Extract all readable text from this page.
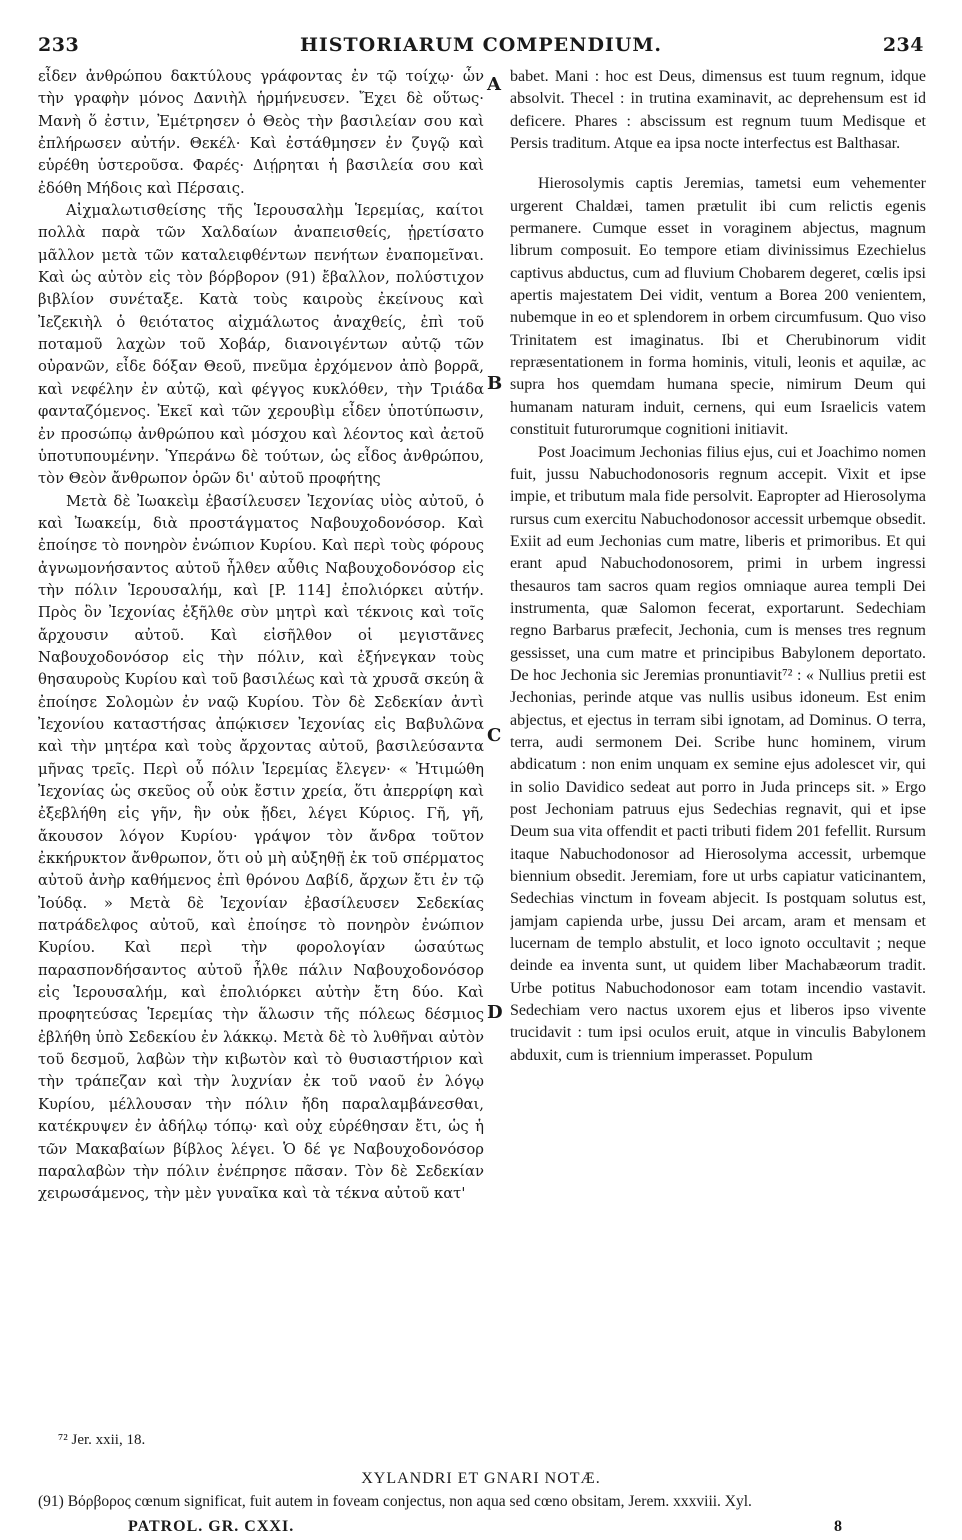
233	HISTORIARUM COMPENDIUM.	234

εἶδεν ἀνθρώπου δακτύλους γράφοντας ἐν τῷ τοίχῳ· ὧν τὴν γραφὴν μόνος Δανιὴλ ἡρμήνευσεν. Ἔχει δὲ οὕτως· Μανὴ ὅ ἐστιν, Ἐμέτρησεν ὁ Θεὸς τὴν βασιλείαν σου καὶ ἐπλήρωσεν αὐτήν. Θεκέλ· Καὶ ἐστάθμησεν ἐν ζυγῷ καὶ εὑρέθη ὑστεροῦσα. Φαρές· Διῄρηται ἡ βασιλεία σου καὶ ἐδόθη Μήδοις καὶ Πέρσαις.

Αἰχμαλωτισθείσης τῆς Ἱερουσαλὴμ Ἱερεμίας, καίτοι πολλὰ παρὰ τῶν Χαλδαίων ἀναπεισθείς, ᾑρετίσατο μᾶλλον μετὰ τῶν καταλειφθέντων πενήτων ἐναπομεῖναι. Καὶ ὡς αὐτὸν εἰς τὸν βόρβορον (91) ἔβαλλον, πολύστιχον βιβλίον συνέταξε. Κατὰ τοὺς καιροὺς ἐκείνους καὶ Ἰεζεκιὴλ ὁ θειότατος αἰχμάλωτος ἀναχθείς, ἐπὶ τοῦ ποταμοῦ λαχὼν τοῦ Χοβάρ, διανοιγέντων αὐτῷ τῶν οὐρανῶν, εἶδε δόξαν Θεοῦ, πνεῦμα ἐρχόμενον ἀπὸ βορρᾶ, καὶ νεφέλην ἐν αὐτῷ, καὶ φέγγος κυκλόθεν, τὴν Τριάδα φανταζόμενος. Ἐκεῖ καὶ τῶν χερουβὶμ εἶδεν ὑποτύπωσιν, ἐν προσώπῳ ἀνθρώπου καὶ μόσχου καὶ λέοντος καὶ ἀετοῦ ὑποτυπουμένην. Ὑπεράνω δὲ τούτων, ὡς εἶδος ἀνθρώπου, τὸν Θεὸν ἄνθρωπον ὁρῶν δι' αὐτοῦ προφήτης

Μετὰ δὲ Ἰωακεὶμ ἐβασίλευσεν Ἰεχονίας υἱὸς αὐτοῦ, ὁ καὶ Ἰωακείμ, διὰ προστάγματος Ναβουχοδονόσορ. Καὶ ἐποίησε τὸ πονηρὸν ἐνώπιον Κυρίου. Καὶ περὶ τοὺς φόρους ἀγνωμονήσαντος αὐτοῦ ἦλθεν αὖθις Ναβουχοδονόσορ εἰς τὴν πόλιν Ἱερουσαλήμ, καὶ [P. 114] ἐπολιόρκει αὐτήν. Πρὸς ὃν Ἰεχονίας ἐξῆλθε σὺν μητρὶ καὶ τέκνοις καὶ τοῖς ἄρχουσιν αὐτοῦ. Καὶ εἰσῆλθον οἱ μεγιστᾶνες Ναβουχοδονόσορ εἰς τὴν πόλιν, καὶ ἐξήνεγκαν τοὺς θησαυροὺς Κυρίου καὶ τοῦ βασιλέως καὶ τὰ χρυσᾶ σκεύη ἃ ἐποίησε Σολομὼν ἐν ναῷ Κυρίου. Τὸν δὲ Σεδεκίαν ἀντὶ Ἰεχονίου καταστήσας ἀπῴκισεν Ἰεχονίας εἰς Βαβυλῶνα καὶ τὴν μητέρα καὶ τοὺς ἄρχοντας αὐτοῦ, βασιλεύσαντα μῆνας τρεῖς. Περὶ οὗ πόλιν Ἱερεμίας ἔλεγεν· « Ἠτιμώθη Ἰεχονίας ὡς σκεῦος οὗ οὐκ ἔστιν χρεία, ὅτι ἀπερρίφη καὶ ἐξεβλήθη εἰς γῆν, ἣν οὐκ ᾔδει, λέγει Κύριος. Γῆ, γῆ, ἄκουσον λόγον Κυρίου· γράψον τὸν ἄνδρα τοῦτον ἐκκήρυκτον ἄνθρωπον, ὅτι οὐ μὴ αὐξηθῇ ἐκ τοῦ σπέρματος αὐτοῦ ἀνὴρ καθήμενος ἐπὶ θρόνου Δαβίδ, ἄρχων ἔτι ἐν τῷ Ἰούδᾳ. » Μετὰ δὲ Ἰεχονίαν ἐβασίλευσεν Σεδεκίας πατράδελφος αὐτοῦ, καὶ ἐποίησε τὸ πονηρὸν ἐνώπιον Κυρίου. Καὶ περὶ τὴν φορολογίαν ὡσαύτως παρασπονδήσαντος αὐτοῦ ἦλθε πάλιν Ναβουχοδονόσορ εἰς Ἱερουσαλήμ, καὶ ἐπολιόρκει αὐτὴν ἔτη δύο. Καὶ προφητεύσας Ἱερεμίας τὴν ἅλωσιν τῆς πόλεως δέσμιος ἐβλήθη ὑπὸ Σεδεκίου ἐν λάκκῳ. Μετὰ δὲ τὸ λυθῆναι αὐτὸν τοῦ δεσμοῦ, λαβὼν τὴν κιβωτὸν καὶ τὸ θυσιαστήριον καὶ τὴν τράπεζαν καὶ τὴν λυχνίαν ἐκ τοῦ ναοῦ ἐν λόγῳ Κυρίου, μέλλουσαν τὴν πόλιν ἤδη παραλαμβάνεσθαι, κατέκρυψεν ἐν ἀδήλῳ τόπῳ· καὶ οὐχ εὑρέθησαν ἔτι, ὡς ἡ τῶν Μακαβαίων βίβλος λέγει. Ὁ δέ γε Ναβουχοδονόσορ παραλαβὼν τὴν πόλιν ἐνέπρησε πᾶσαν. Τὸν δὲ Σεδεκίαν χειρωσάμενος, τὴν μὲν γυναῖκα καὶ τὰ τέκνα αὐτοῦ κατ'

A
B
C
D

babet. Mani : hoc est Deus, dimensus est tuum regnum, idque absolvit. Thecel : in trutina examinavit, ac deprehensum est id deficere. Phares : abscissum est regnum tuum Medisque et Persis traditum. Atque ea ipsa nocte interfectus est Balthasar.

Hierosolymis captis Jeremias, tametsi eum vehementer urgerent Chaldæi, tamen prætulit ibi cum relictis egenis permanere. Cumque esset in voraginem abjectus, magnum librum composuit. Eo tempore etiam divinissimus Ezechielus captivus abductus, cum ad fluvium Chobarem degeret, cœlis ipsi apertis majestatem Dei vidit, ventum a Borea 200 venientem, nubemque in eo et splendorem in orbem circumfusum. Quo viso Trinitatem est imaginatus. Ibi et Cherubinorum vidit repræsentationem in forma hominis, vituli, leonis et aquilæ, ac supra hos quemdam humana specie, nimirum Deum qui humanam naturam induit, cernens, qui eum Israelicis vatem constituit futurorumque cognitioni initiavit.

Post Joacimum Jechonias filius ejus, cui et Joachimo nomen fuit, jussu Nabuchodonosoris regnum accepit. Vixit et ipse impie, et tributum mala fide persolvit. Eapropter ad Hierosolyma rursus cum exercitu Nabuchodonosor accessit urbemque obsedit. Exiit ad eum Jechonias cum matre, liberis et primoribus. Et qui erant apud Nabuchodonosorem, primi in urbem ingressi thesauros tam sacros quam regios omniaque aurea templi Dei instrumenta, quæ Salomon fecerat, exportarunt. Sedechiam regno Barbarus præfecit, Jechonia, cum is menses tres regnum gessisset, una cum matre et principibus Babylonem deportato. De hoc Jechonia sic Jeremias pronuntiavit⁷² : « Nullius pretii est Jechonias, perinde atque vas nullis usibus idoneum. Est enim abjectus, et ejectus in terram sibi ignotam, ad Dominus. O terra, terra, audi sermonem Dei. Scribe hunc hominem, virum abdicatum : non enim unquam ex semine ejus adolescet vir, qui in solio Davidico sedeat aut porro in Juda princeps sit. » Ergo post Jechoniam patruus ejus Sedechias regnavit, qui et ipse Deum sua vita offendit et pacti tributi fidem 201 fefellit. Rursum itaque Nabuchodonosor ad Hierosolyma accessit, urbemque biennium obsedit. Jeremiam, fore ut urbs capiatur vaticinantem, Sedechias vinctum in foveam abjecit. Is postquam solutus est, jamjam capienda urbe, jussu Dei arcam, aram et mensam et lucernam de templo abstulit, et loco ignoto occultavit ; neque deinde ea inventa sunt, ut quidem liber Machabæorum tradit. Urbe potitus Nabuchodonosor eam totam incendio vastavit. Sedechiam vero nactus uxorem ejus et liberos ipso vivente trucidavit : tum ipsi oculos eruit, atque in vinculis Babylonem abduxit, cum is triennium imperasset. Populum

⁷² Jer. xxii, 18.
XYLANDRI ET GNARI NOTÆ.
(91) Βόρβορος cœnum significat, fuit autem in foveam conjectus, non aqua sed cœno obsitam, Jerem. xxxviii. Xyl.
PATROL. GR. CXXI.	8
